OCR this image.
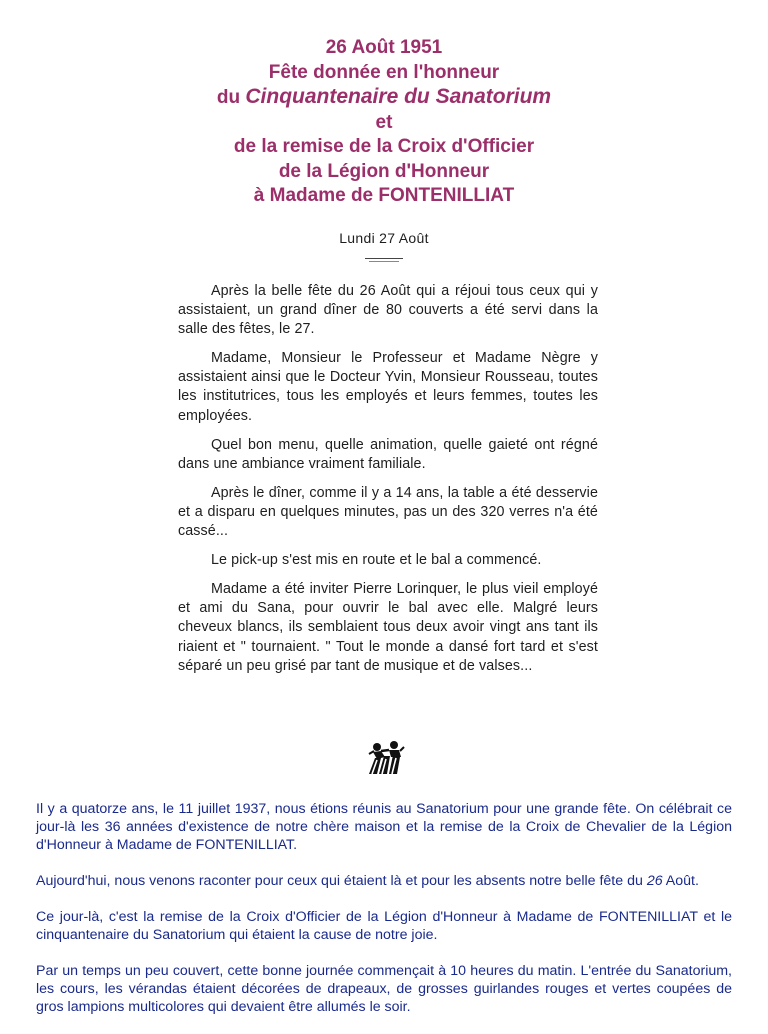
26 Août 1951
Fête donnée en l'honneur
du Cinquantenaire du Sanatorium
et
de la remise de la Croix d'Officier
de la Légion d'Honneur
à Madame de FONTENILLIAT
Lundi 27 Août

Après la belle fête du 26 Août qui a réjoui tous ceux qui y assistaient, un grand dîner de 80 couverts a été servi dans la salle des fêtes, le 27.

Madame, Monsieur le Professeur et Madame Nègre y assistaient ainsi que le Docteur Yvin, Monsieur Rousseau, toutes les institutrices, tous les employés et leurs femmes, toutes les employées.

Quel bon menu, quelle animation, quelle gaieté ont régné dans une ambiance vraiment familiale.

Après le dîner, comme il y a 14 ans, la table a été desservie et a disparu en quelques minutes, pas un des 320 verres n'a été cassé...

Le pick-up s'est mis en route et le bal a commencé.

Madame a été inviter Pierre Lorinquer, le plus vieil employé et ami du Sana, pour ouvrir le bal avec elle. Malgré leurs cheveux blancs, ils semblaient tous deux avoir vingt ans tant ils riaient et " tournaient. " Tout le monde a dansé fort tard et s'est séparé un peu grisé par tant de musique et de valses...

Il y a quatorze ans, le 11 juillet 1937, nous étions réunis au Sanatorium pour une grande fête. On célébrait ce jour-là les 36 années d'existence de notre chère maison et la remise de la Croix de Chevalier de la Légion d'Honneur à Madame de FONTENILLIAT.

Aujourd'hui, nous venons raconter pour ceux qui étaient là et pour les absents notre belle fête du 26 Août.

Ce jour-là, c'est la remise de la Croix d'Officier de la Légion d'Honneur à Madame de FONTENILLIAT et le cinquantenaire du Sanatorium qui étaient la cause de notre joie.

Par un temps un peu couvert, cette bonne journée commençait à 10 heures du matin. L'entrée du Sanatorium, les cours, les vérandas étaient décorées de drapeaux, de grosses guirlandes rouges et vertes coupées de gros lampions multicolores qui devaient être allumés le soir.
